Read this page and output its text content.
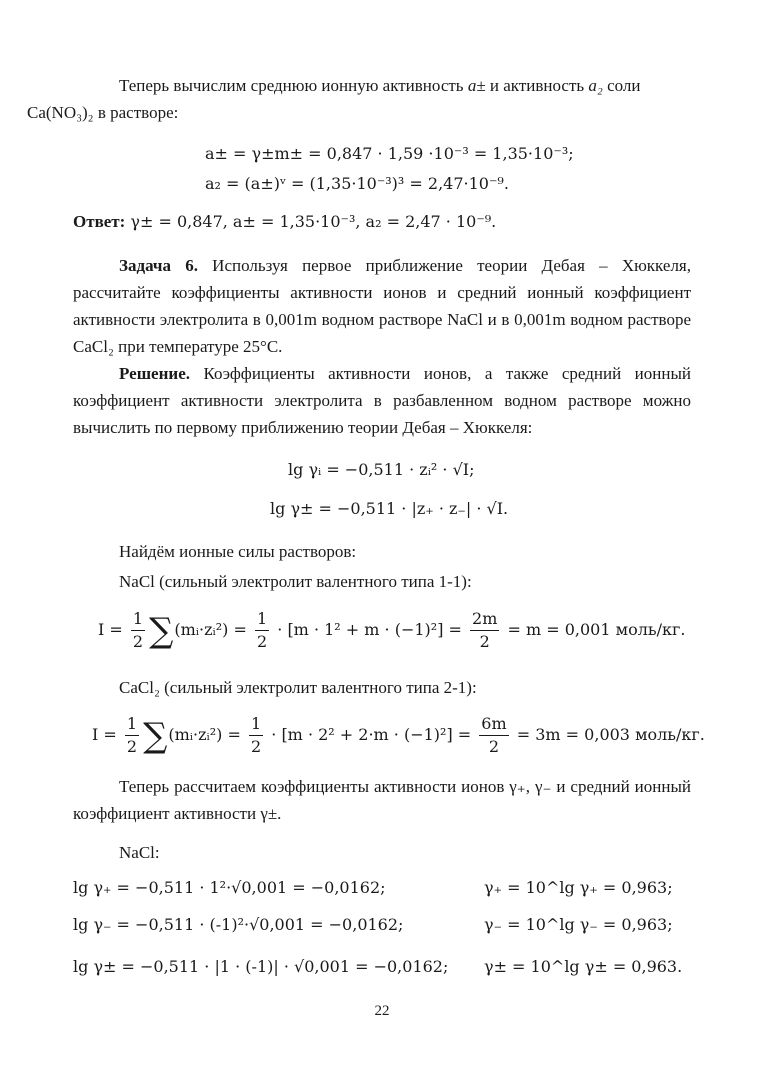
Теперь вычислим среднюю ионную активность a± и активность a₂ соли
Ca(NO₃)₂ в растворе:

a± = γ±m± = 0,847 · 1,59 ·10⁻³ = 1,35·10⁻³;
a₂ = (a±)ᵛ = (1,35·10⁻³)³ = 2,47·10⁻⁹.

Ответ: γ± = 0,847, a± = 1,35·10⁻³, a₂ = 2,47 · 10⁻⁹.

Задача 6. Используя первое приближение теории Дебая – Хюккеля, рассчитайте коэффициенты активности ионов и средний ионный коэффициент активности электролита в 0,001m водном растворе NaCl и в 0,001m водном растворе CaCl₂ при температуре 25°C.

Решение. Коэффициенты активности ионов, а также средний ионный коэффициент активности электролита в разбавленном водном растворе можно вычислить по первому приближению теории Дебая – Хюккеля:

lg γᵢ = −0,511 · zᵢ² · √I;
lg γ± = −0,511 · |z₊ · z₋| · √I.

Найдём ионные силы растворов:

NaCl (сильный электролит валентного типа 1-1):

$I = \frac{1}{2}$ ∑(mᵢ·zᵢ²) = $\frac{1}{2} \cdot [m \cdot 1^2 + m \cdot (-1)^2] = \frac{2m}{2} = m = 0,001$ моль/кг.

CaCl₂ (сильный электролит валентного типа 2-1):

$I = \frac{1}{2}$ ∑(mᵢ·zᵢ²) = $\frac{1}{2} \cdot [m \cdot 2^2 + 2\cdot m \cdot (-1)^2] = \frac{6m}{2} = 3m = 0,003$ моль/кг.

Теперь рассчитаем коэффициенты активности ионов γ₊, γ₋ и средний ионный коэффициент активности γ±.

NaCl:

lg γ₊ = −0,511 · 1²·√0,001 = −0,0162;	γ₊ = 10^lg γ₊ = 0,963;
lg γ₋ = −0,511 · (-1)²·√0,001 = −0,0162;	γ₋ = 10^lg γ₋ = 0,963;
lg γ± = −0,511 · |1 · (-1)| · √0,001 = −0,0162; γ± = 10^lg γ± = 0,963.
22
